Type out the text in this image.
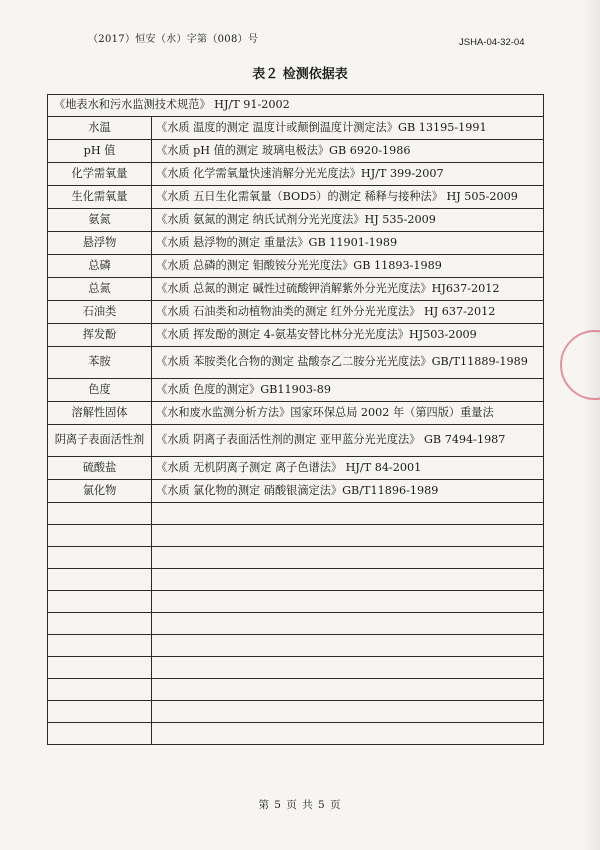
（2017）恒安（水）字第（008）号	JSHA-04-32-04
表２ 检测依据表
《地表水和污水监测技术规范》 HJ/T 91-2002	
水温	《水质 温度的测定 温度计或颠倒温度计测定法》GB 13195-1991
pH 值	《水质 pH 值的测定 玻璃电极法》GB 6920-1986
化学需氧量	《水质 化学需氧量快速消解分光光度法》HJ/T 399-2007
生化需氧量	《水质 五日生化需氧量（BOD5）的测定 稀释与接种法》 HJ 505-2009
氨氮	《水质 氨氮的测定 纳氏试剂分光光度法》HJ 535-2009
悬浮物	《水质 悬浮物的测定 重量法》GB 11901-1989
总磷	《水质 总磷的测定 钼酸铵分光光度法》GB 11893-1989
总氮	《水质 总氮的测定 碱性过硫酸钾消解紫外分光光度法》HJ637-2012
石油类	《水质 石油类和动植物油类的测定 红外分光光度法》 HJ 637-2012
挥发酚	《水质 挥发酚的测定 4-氨基安替比林分光光度法》HJ503-2009
苯胺	《水质 苯胺类化合物的测定 盐酸奈乙二胺分光光度法》GB/T11889-1989
色度	《水质 色度的测定》GB11903-89
溶解性固体	《水和废水监测分析方法》国家环保总局 2002 年（第四版）重量法
阴离子表面活性剂	《水质 阴离子表面活性剂的测定 亚甲蓝分光光度法》 GB 7494-1987
硫酸盐	《水质 无机阴离子测定 离子色谱法》 HJ/T 84-2001
氯化物	《水质 氯化物的测定 硝酸银滴定法》GB/T11896-1989

第 5 页 共 5 页
